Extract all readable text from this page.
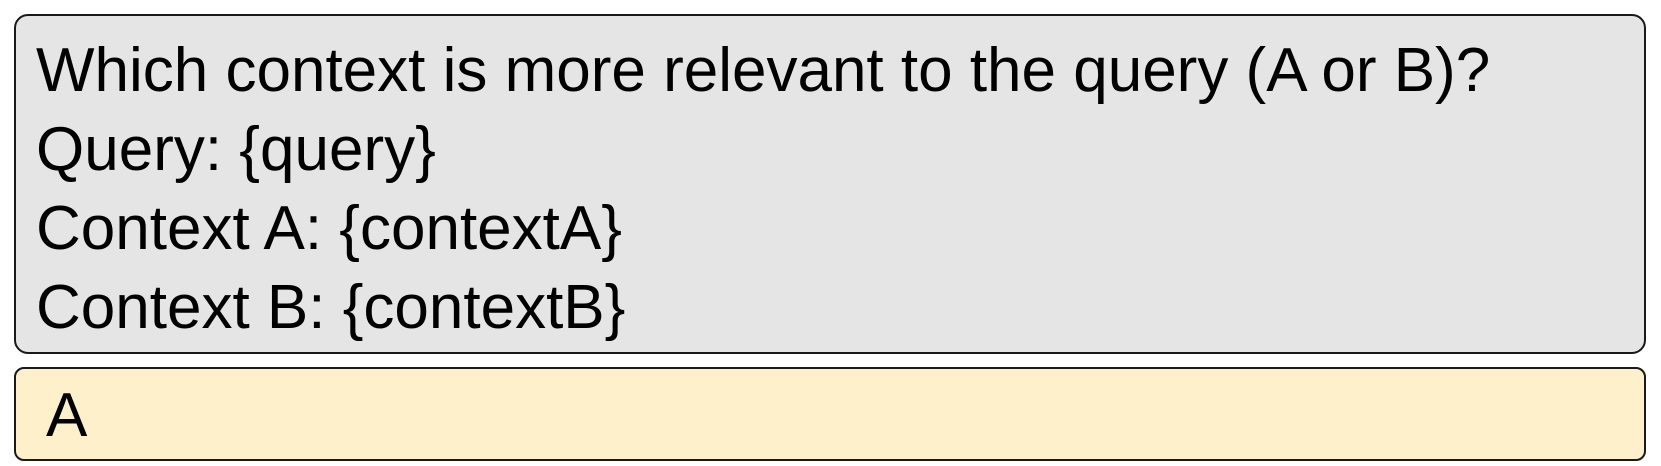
Which context is more relevant to the query (A or B)?

Query: {query}

Context A: {contextA}

Context B: {contextB}

A
